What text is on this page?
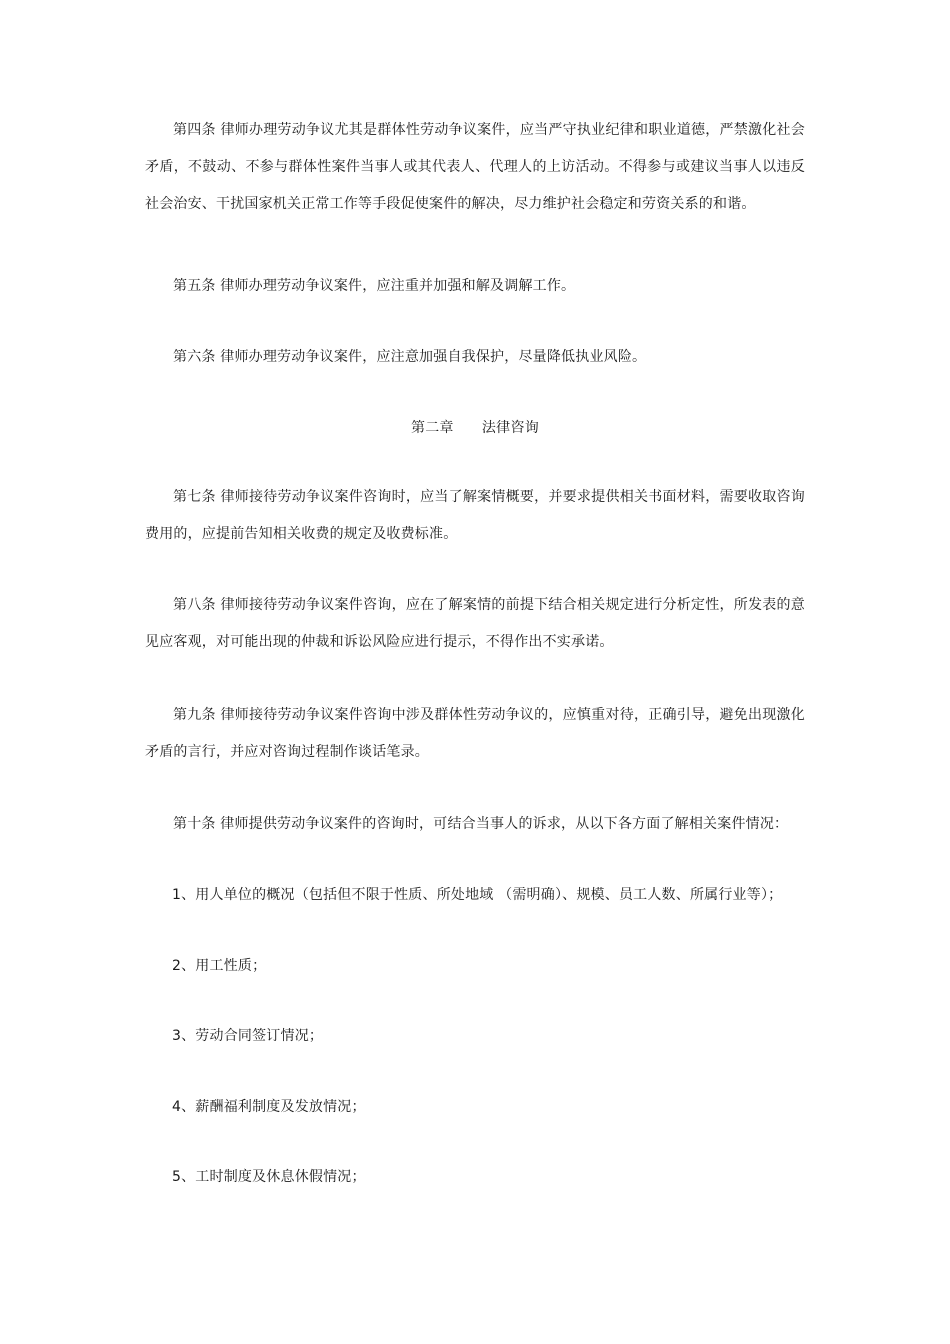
第四条 律师办理劳动争议尤其是群体性劳动争议案件，应当严守执业纪律和职业道德，严禁激化社会矛盾，不鼓动、不参与群体性案件当事人或其代表人、代理人的上访活动。不得参与或建议当事人以违反社会治安、干扰国家机关正常工作等手段促使案件的解决，尽力维护社会稳定和劳资关系的和谐。

第五条 律师办理劳动争议案件，应注重并加强和解及调解工作。

第六条 律师办理劳动争议案件，应注意加强自我保护，尽量降低执业风险。

第二章 法律咨询

第七条 律师接待劳动争议案件咨询时，应当了解案情概要，并要求提供相关书面材料，需要收取咨询费用的，应提前告知相关收费的规定及收费标准。

第八条 律师接待劳动争议案件咨询，应在了解案情的前提下结合相关规定进行分析定性，所发表的意见应客观，对可能出现的仲裁和诉讼风险应进行提示，不得作出不实承诺。

第九条 律师接待劳动争议案件咨询中涉及群体性劳动争议的，应慎重对待，正确引导，避免出现激化矛盾的言行，并应对咨询过程制作谈话笔录。

第十条 律师提供劳动争议案件的咨询时，可结合当事人的诉求，从以下各方面了解相关案件情况：

1、用人单位的概况（包括但不限于性质、所处地域 （需明确）、规模、员工人数、所属行业等）；
2、用工性质；
3、劳动合同签订情况；
4、薪酬福利制度及发放情况；
5、工时制度及休息休假情况；
